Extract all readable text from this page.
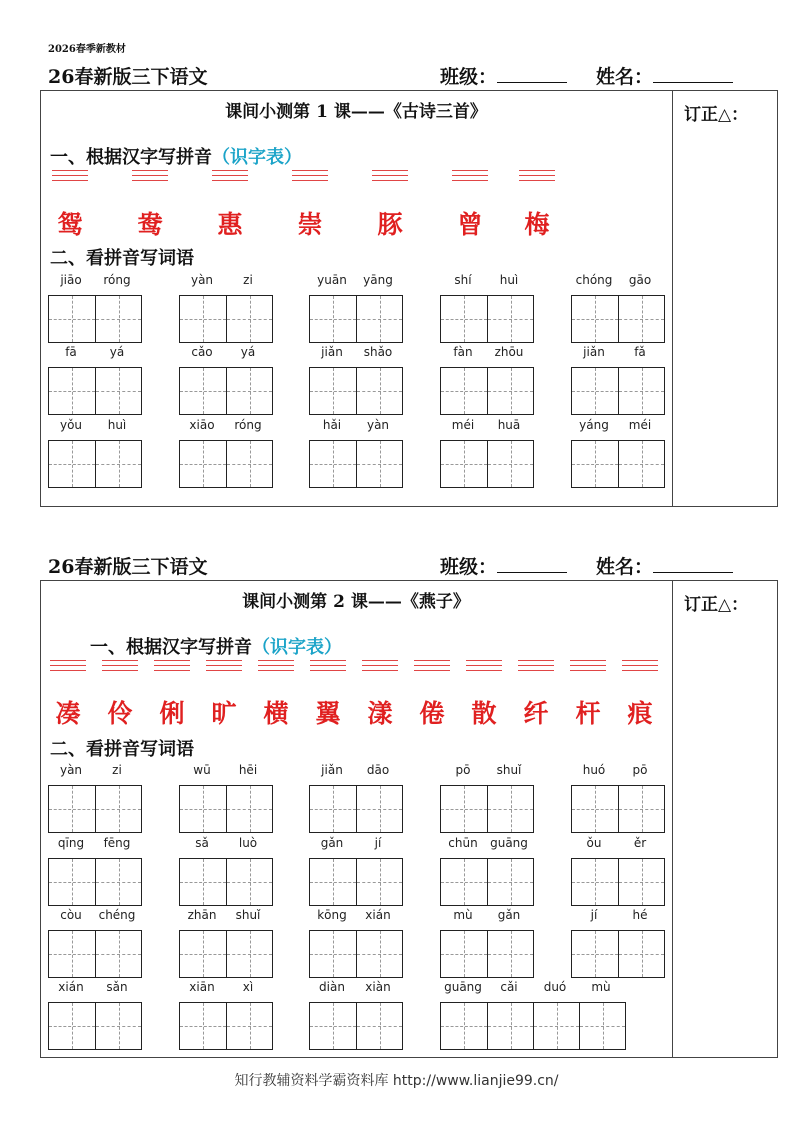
2026春季新教材
26春新版三下语文	班级：	姓名：
课间小测第 1 课——《古诗三首》	订正△：
一、根据汉字写拼音（识字表）
鸳	鸯	惠	崇	豚	曾	梅
二、看拼音写词语
jiāo	róng	yàn	zi	yuān	yāng	shí	huì	chóng	gāo
fā	yá	cǎo	yá	jiǎn	shǎo	fàn	zhōu	jiǎn	fǎ
yǒu	huì	xiāo	róng	hǎi	yàn	méi	huā	yáng	méi
26春新版三下语文	班级：	姓名：
课间小测第 2 课——《燕子》	订正△：
一、根据汉字写拼音（识字表）
凑	伶	俐	旷	横	翼	漾	倦	散	纤	杆	痕
二、看拼音写词语
yàn	zi	wū	hēi	jiǎn	dāo	pō	shuǐ	huó	pō
qīng	fēng	sǎ	luò	gǎn	jí	chūn	guāng	ǒu	ěr
còu	chéng	zhān	shuǐ	kōng	xián	mù	gǎn	jí	hé
xián	sǎn	xiān	xì	diàn	xiàn	guāng	cǎi	duó	mù
知行教辅资料学霸资料库 http://www.lianjie99.cn/
